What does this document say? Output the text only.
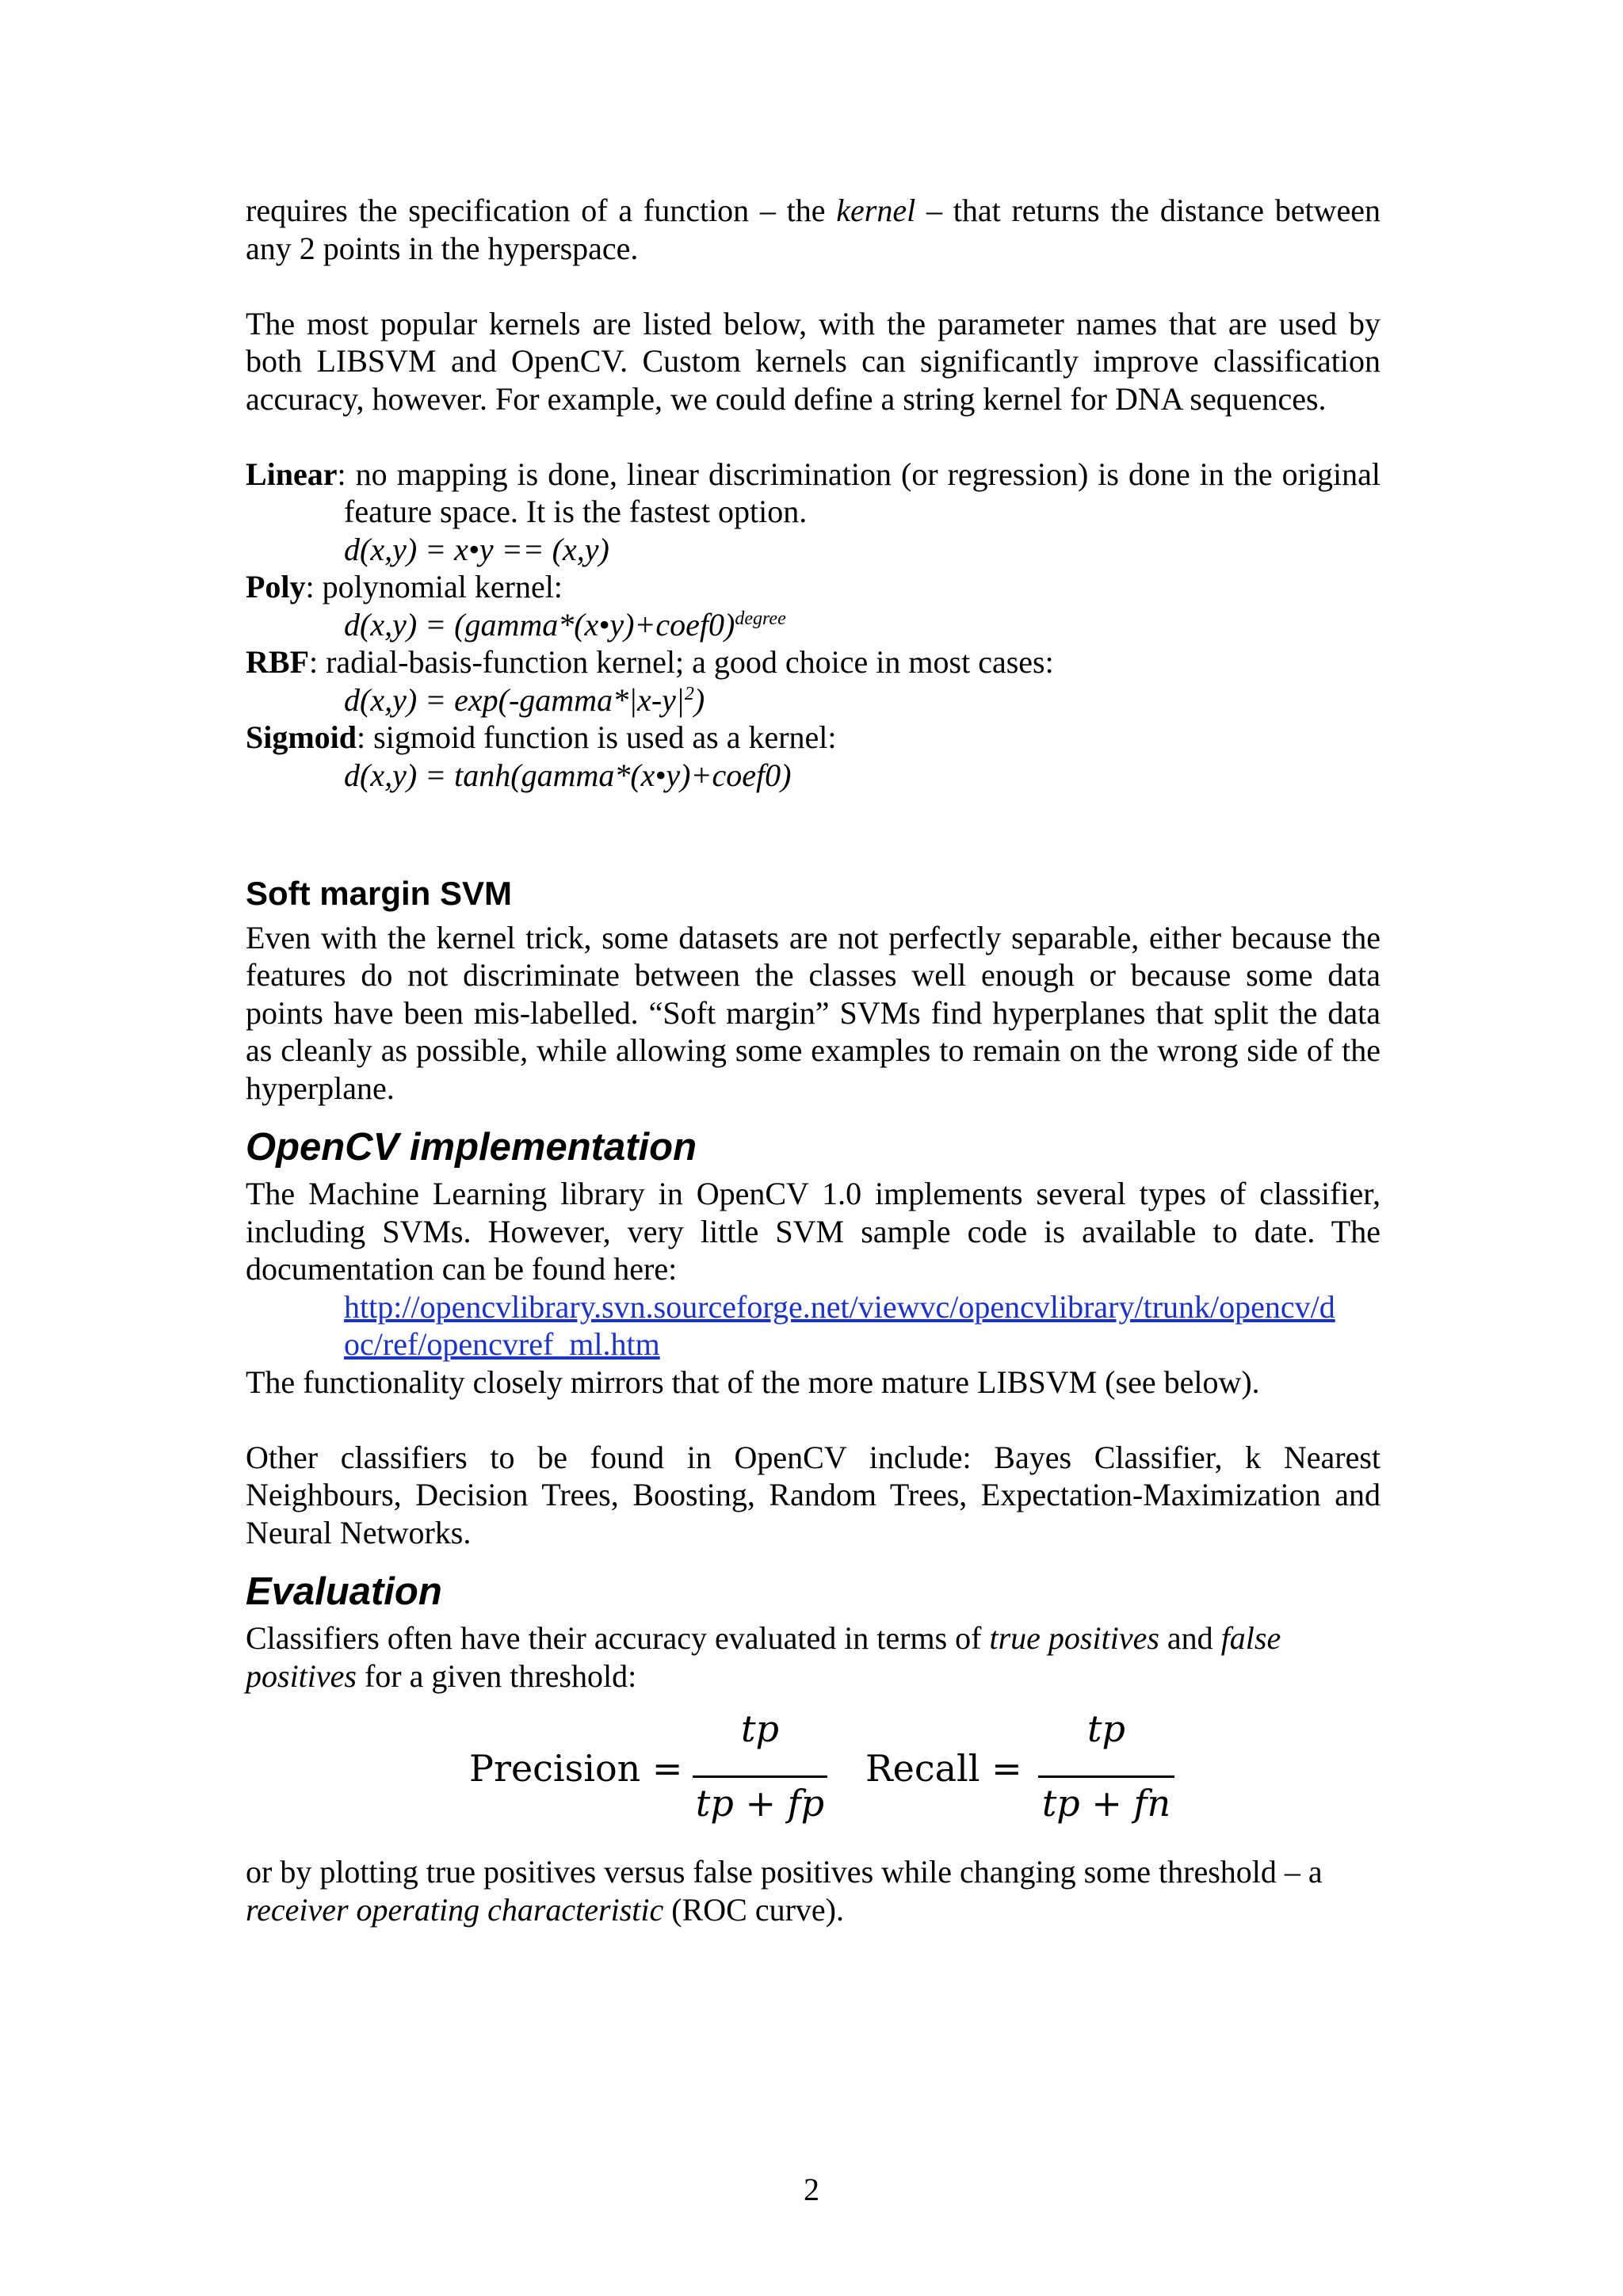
requires the specification of a function – the kernel – that returns the distance between any 2 points in the hyperspace.

The most popular kernels are listed below, with the parameter names that are used by both LIBSVM and OpenCV. Custom kernels can significantly improve classification accuracy, however. For example, we could define a string kernel for DNA sequences.

Linear: no mapping is done, linear discrimination (or regression) is done in the original feature space. It is the fastest option.

d(x,y) = x•y == (x,y)

Poly: polynomial kernel:

d(x,y) = (gamma*(x•y)+coef0)$^{degree}$

RBF: radial-basis-function kernel; a good choice in most cases:

$d(x,y) = \exp(-gamma*|x-y|^2)$

Sigmoid: sigmoid function is used as a kernel:

d(x,y) = tanh(gamma*(x•y)+coef0)

Soft margin SVM

Even with the kernel trick, some datasets are not perfectly separable, either because the features do not discriminate between the classes well enough or because some data points have been mis-labelled. “Soft margin” SVMs find hyperplanes that split the data as cleanly as possible, while allowing some examples to remain on the wrong side of the hyperplane.

OpenCV implementation

The Machine Learning library in OpenCV 1.0 implements several types of classifier, including SVMs. However, very little SVM sample code is available to date. The documentation can be found here:

http://opencvlibrary.svn.sourceforge.net/viewvc/opencvlibrary/trunk/opencv/d
oc/ref/opencvref_ml.htm

The functionality closely mirrors that of the more mature LIBSVM (see below).

Other classifiers to be found in OpenCV include: Bayes Classifier, k Nearest Neighbours, Decision Trees, Boosting, Random Trees, Expectation-Maximization and Neural Networks.

Evaluation

Classifiers often have their accuracy evaluated in terms of true positives and false
positives for a given threshold:

Precision =
tp
tp + fp
Recall =
tp
tp + fn

or by plotting true positives versus false positives while changing some threshold – a
receiver operating characteristic (ROC curve).

2
